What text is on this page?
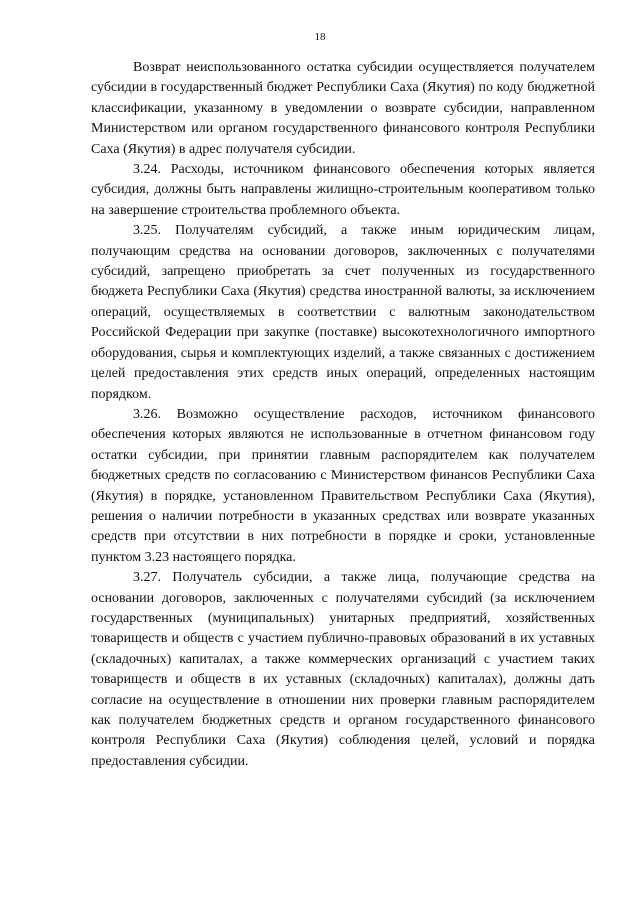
18

Возврат неиспользованного остатка субсидии осуществляется получателем субсидии в государственный бюджет Республики Саха (Якутия) по коду бюджетной классификации, указанному в уведомлении о возврате субсидии, направленном Министерством или органом государственного финансового контроля Республики Саха (Якутия) в адрес получателя субсидии.

3.24. Расходы, источником финансового обеспечения которых является субсидия, должны быть направлены жилищно-строительным кооперативом только на завершение строительства проблемного объекта.

3.25. Получателям субсидий, а также иным юридическим лицам, получающим средства на основании договоров, заключенных с получателями субсидий, запрещено приобретать за счет полученных из государственного бюджета Республики Саха (Якутия) средства иностранной валюты, за исключением операций, осуществляемых в соответствии с валютным законодательством Российской Федерации при закупке (поставке) высокотехнологичного импортного оборудования, сырья и комплектующих изделий, а также связанных с достижением целей предоставления этих средств иных операций, определенных настоящим порядком.

3.26. Возможно осуществление расходов, источником финансового обеспечения которых являются не использованные в отчетном финансовом году остатки субсидии, при принятии главным распорядителем как получателем бюджетных средств по согласованию с Министерством финансов Республики Саха (Якутия) в порядке, установленном Правительством Республики Саха (Якутия), решения о наличии потребности в указанных средствах или возврате указанных средств при отсутствии в них потребности в порядке и сроки, установленные пунктом 3.23 настоящего порядка.

3.27. Получатель субсидии, а также лица, получающие средства на основании договоров, заключенных с получателями субсидий (за исключением государственных (муниципальных) унитарных предприятий, хозяйственных товариществ и обществ с участием публично-правовых образований в их уставных (складочных) капиталах, а также коммерческих организаций с участием таких товариществ и обществ в их уставных (складочных) капиталах), должны дать согласие на осуществление в отношении них проверки главным распорядителем как получателем бюджетных средств и органом государственного финансового контроля Республики Саха (Якутия) соблюдения целей, условий и порядка предоставления субсидии.
